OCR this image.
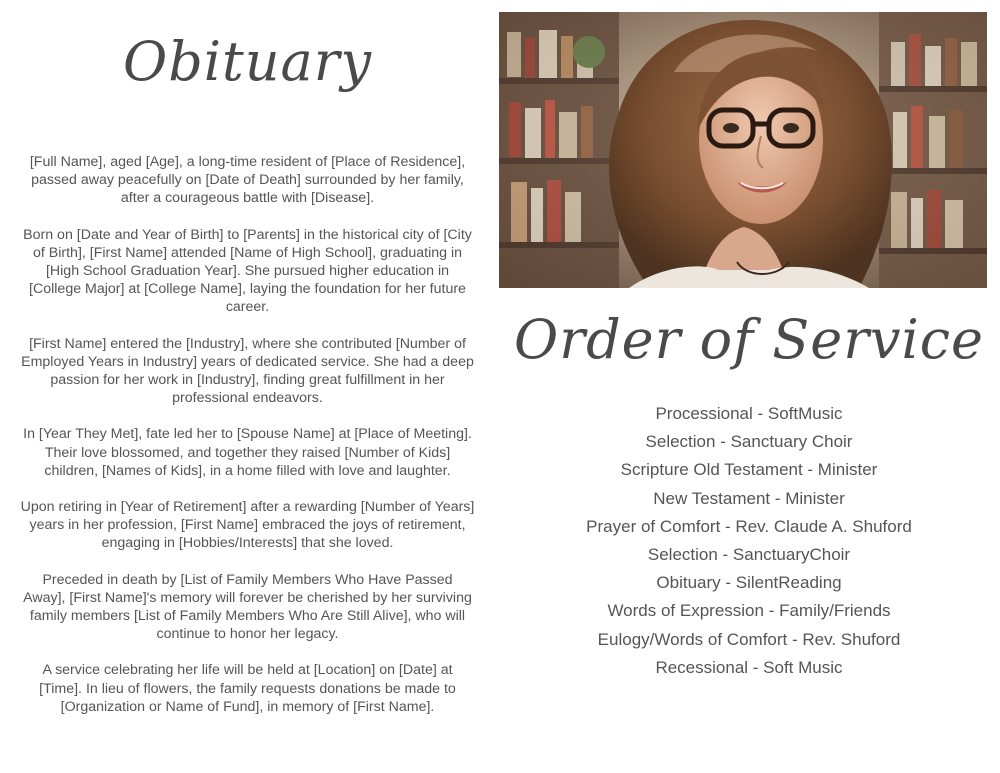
Obituary

[Full Name], aged [Age], a long-time resident of [Place of Residence], passed away peacefully on [Date of Death] surrounded by her family, after a courageous battle with [Disease].

Born on [Date and Year of Birth] to [Parents] in the historical city of [City of Birth], [First Name] attended [Name of High School], graduating in [High School Graduation Year]. She pursued higher education in [College Major] at [College Name], laying the foundation for her future career.

[First Name] entered the [Industry], where she contributed [Number of Employed Years in Industry] years of dedicated service. She had a deep passion for her work in [Industry], finding great fulfillment in her professional endeavors.

In [Year They Met], fate led her to [Spouse Name] at [Place of Meeting]. Their love blossomed, and together they raised [Number of Kids] children, [Names of Kids], in a home filled with love and laughter.

Upon retiring in [Year of Retirement] after a rewarding [Number of Years] years in her profession, [First Name] embraced the joys of retirement, engaging in [Hobbies/Interests] that she loved.

Preceded in death by [List of Family Members Who Have Passed Away], [First Name]'s memory will forever be cherished by her surviving family members [List of Family Members Who Are Still Alive], who will continue to honor her legacy.

A service celebrating her life will be held at [Location] on [Date] at [Time]. In lieu of flowers, the family requests donations be made to [Organization or Name of Fund], in memory of [First Name].

Order of Service
Processional - SoftMusic
Selection - Sanctuary Choir
Scripture Old Testament - Minister
New Testament - Minister
Prayer of Comfort - Rev. Claude A. Shuford
Selection - SanctuaryChoir
Obituary - SilentReading
Words of Expression - Family/Friends
Eulogy/Words of Comfort - Rev. Shuford
Recessional - Soft Music
